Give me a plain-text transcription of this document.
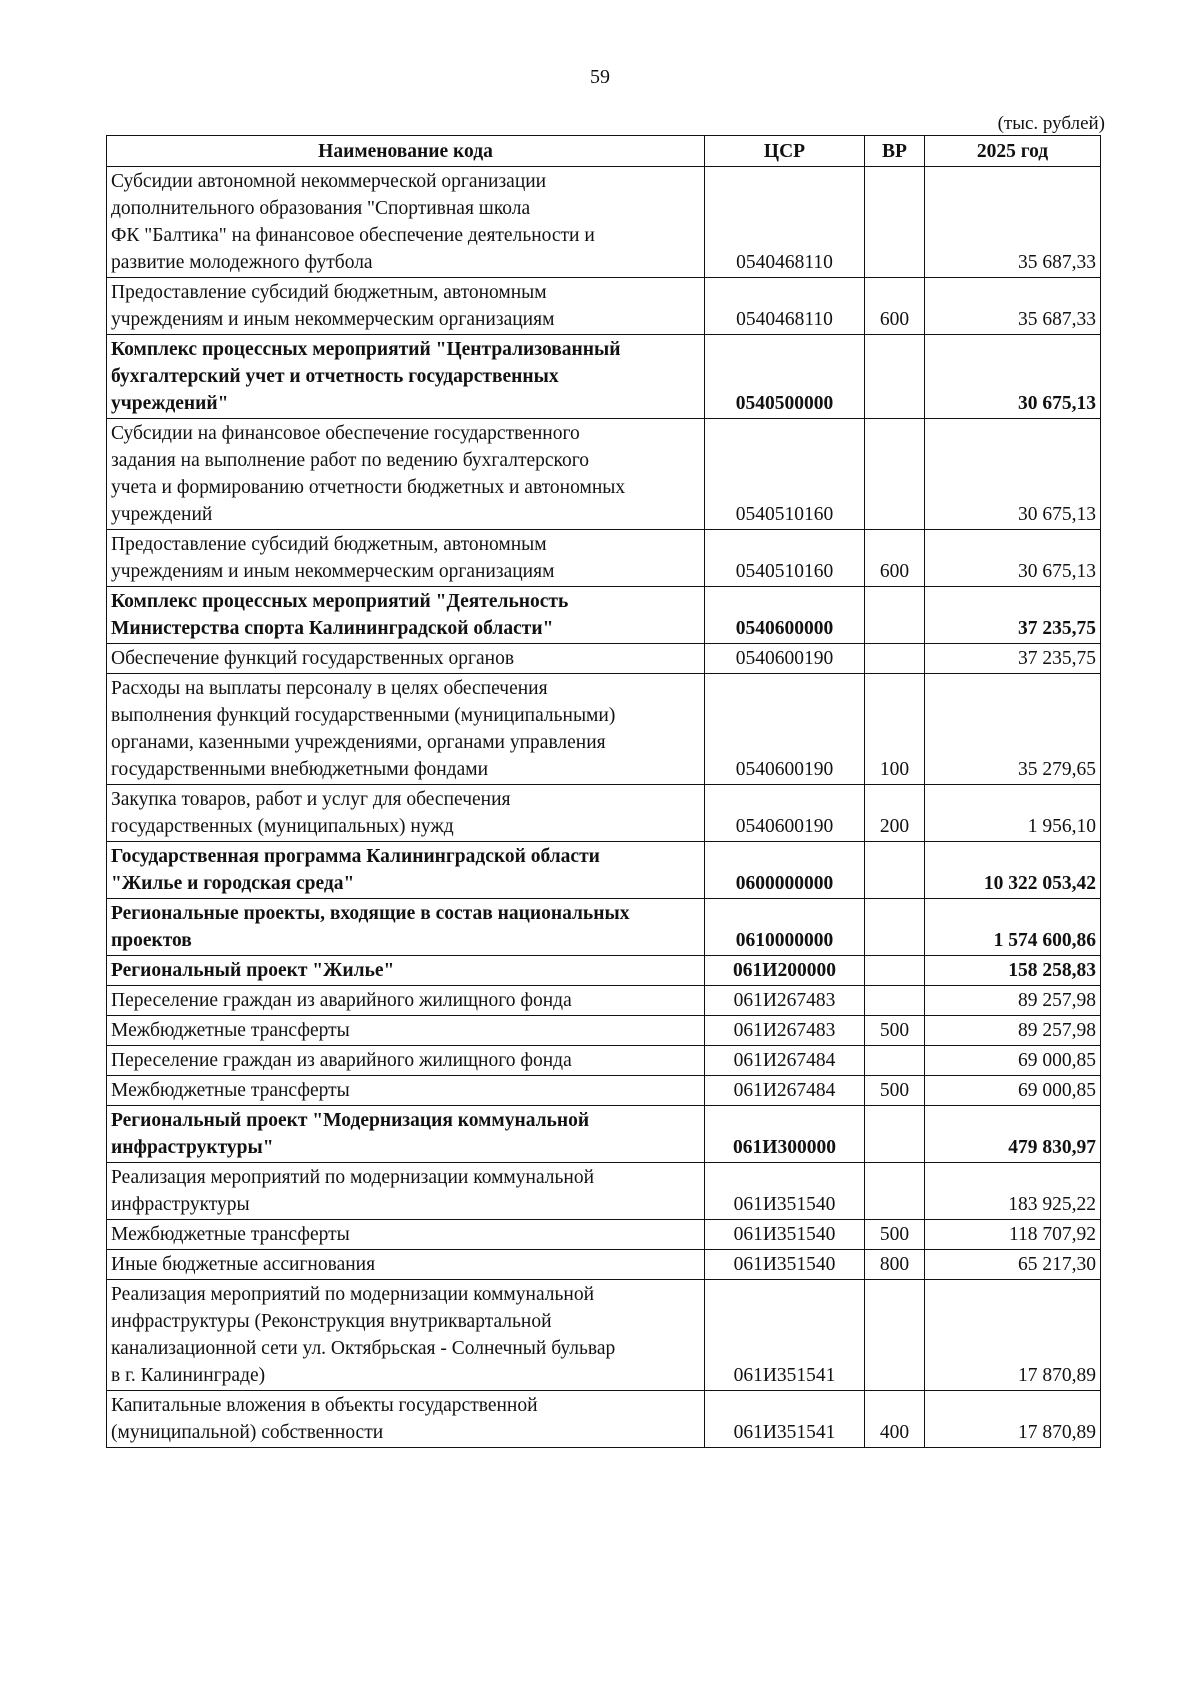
59
(тыс. рублей)
Наименование кода	ЦСР	ВР	2025 год
Субсидии автономной некоммерческой организации
дополнительного образования "Спортивная школа
ФК "Балтика" на финансовое обеспечение деятельности и
развитие молодежного футбола	0540468110		35 687,33
Предоставление субсидий бюджетным, автономным
учреждениям и иным некоммерческим организациям	0540468110	600	35 687,33
Комплекс процессных мероприятий "Централизованный
бухгалтерский учет и отчетность государственных
учреждений"	0540500000		30 675,13
Субсидии на финансовое обеспечение государственного
задания на выполнение работ по ведению бухгалтерского
учета и формированию отчетности бюджетных и автономных
учреждений	0540510160		30 675,13
Предоставление субсидий бюджетным, автономным
учреждениям и иным некоммерческим организациям	0540510160	600	30 675,13
Комплекс процессных мероприятий "Деятельность
Министерства спорта Калининградской области"	0540600000		37 235,75
Обеспечение функций государственных органов	0540600190		37 235,75
Расходы на выплаты персоналу в целях обеспечения
выполнения функций государственными (муниципальными)
органами, казенными учреждениями, органами управления
государственными внебюджетными фондами	0540600190	100	35 279,65
Закупка товаров, работ и услуг для обеспечения
государственных (муниципальных) нужд	0540600190	200	1 956,10
Государственная программа Калининградской области
"Жилье и городская среда"	0600000000		10 322 053,42
Региональные проекты, входящие в состав национальных
проектов	0610000000		1 574 600,86
Региональный проект "Жилье"	061И200000		158 258,83
Переселение граждан из аварийного жилищного фонда	061И267483		89 257,98
Межбюджетные трансферты	061И267483	500	89 257,98
Переселение граждан из аварийного жилищного фонда	061И267484		69 000,85
Межбюджетные трансферты	061И267484	500	69 000,85
Региональный проект "Модернизация коммунальной
инфраструктуры"	061И300000		479 830,97
Реализация мероприятий по модернизации коммунальной
инфраструктуры	061И351540		183 925,22
Межбюджетные трансферты	061И351540	500	118 707,92
Иные бюджетные ассигнования	061И351540	800	65 217,30
Реализация мероприятий по модернизации коммунальной
инфраструктуры (Реконструкция внутриквартальной
канализационной сети ул. Октябрьская - Солнечный бульвар
в г. Калининграде)	061И351541		17 870,89
Капитальные вложения в объекты государственной
(муниципальной) собственности	061И351541	400	17 870,89
